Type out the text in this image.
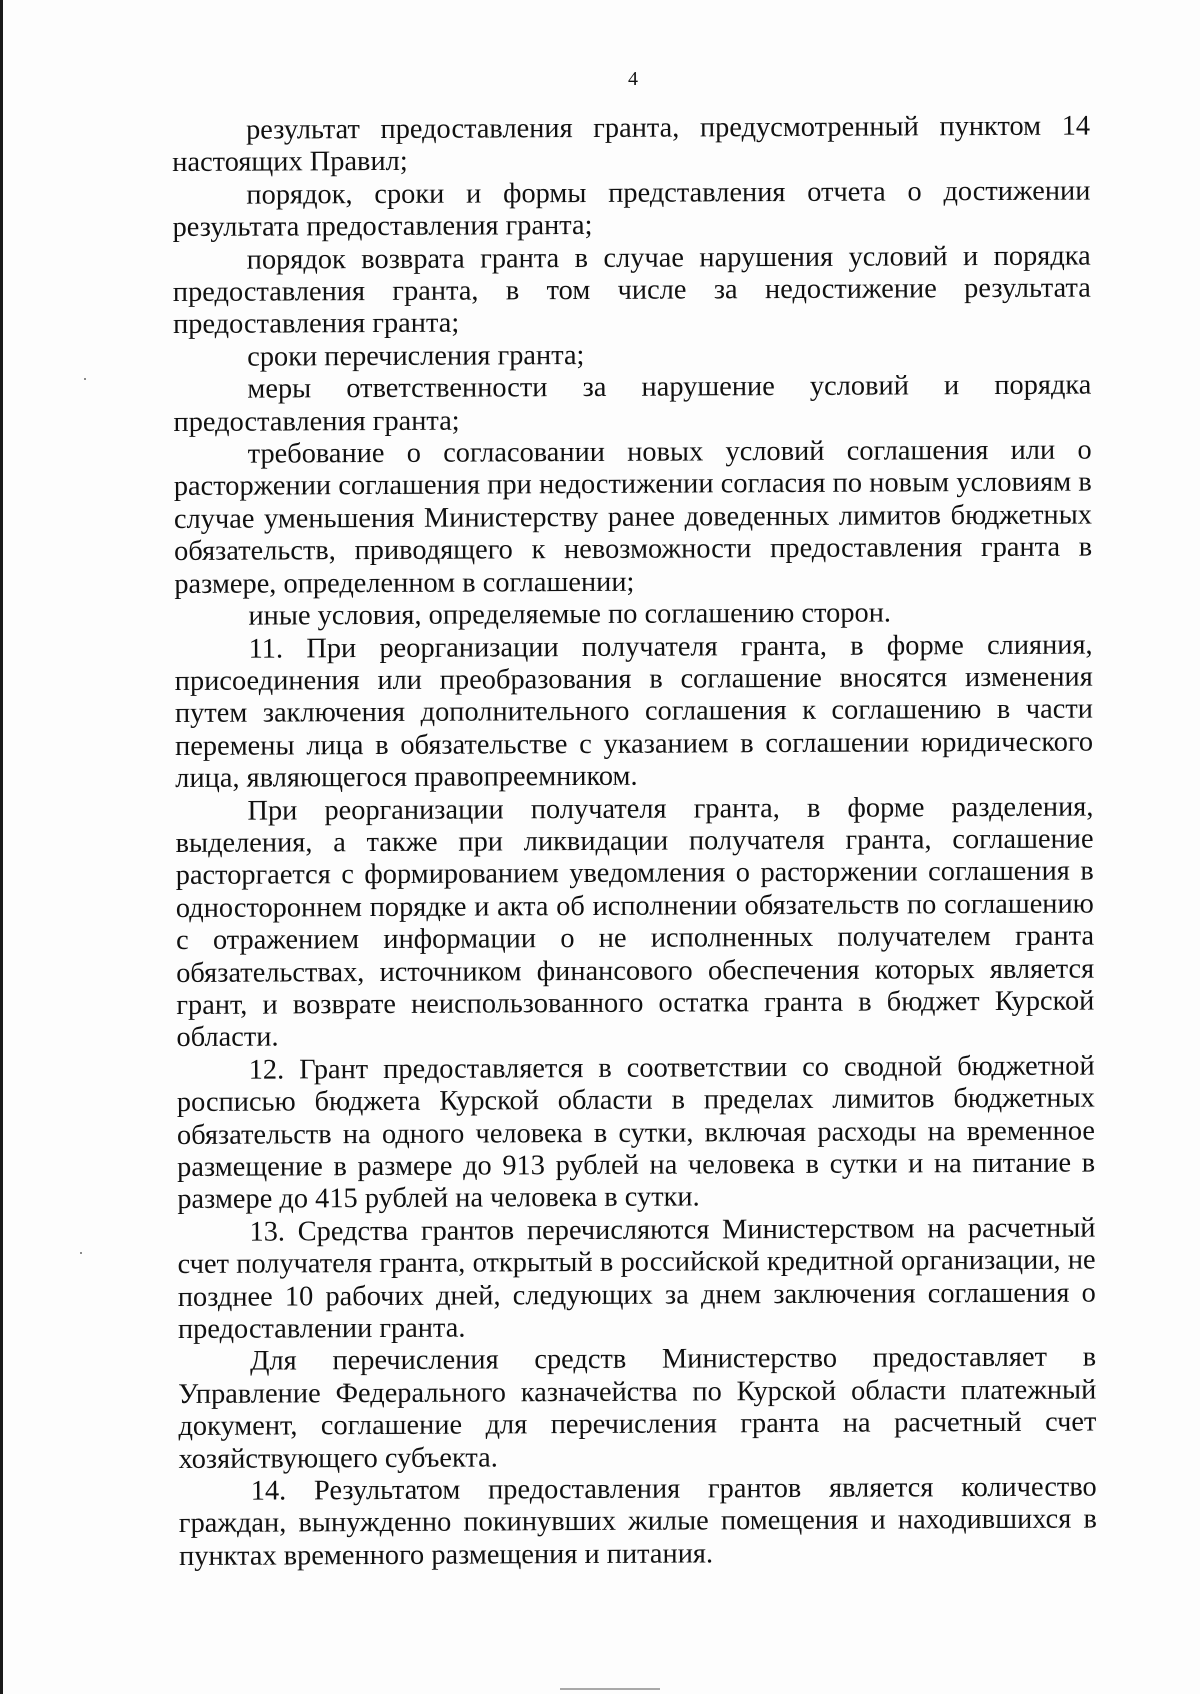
4

результат предоставления гранта, предусмотренный пунктом 14 настоящих Правил;

порядок, сроки и формы представления отчета о достижении результата предоставления гранта;

порядок возврата гранта в случае нарушения условий и порядка предоставления гранта, в том числе за недостижение результата предоставления гранта;

сроки перечисления гранта;

меры ответственности за нарушение условий и порядка предоставления гранта;

требование о согласовании новых условий соглашения или о расторжении соглашения при недостижении согласия по новым условиям в случае уменьшения Министерству ранее доведенных лимитов бюджетных обязательств, приводящего к невозможности предоставления гранта в размере, определенном в соглашении;

иные условия, определяемые по соглашению сторон.

11. При реорганизации получателя гранта, в форме слияния, присоединения или преобразования в соглашение вносятся изменения путем заключения дополнительного соглашения к соглашению в части перемены лица в обязательстве с указанием в соглашении юридического лица, являющегося правопреемником.

При реорганизации получателя гранта, в форме разделения, выделения, а также при ликвидации получателя гранта, соглашение расторгается с формированием уведомления о расторжении соглашения в одностороннем порядке и акта об исполнении обязательств по соглашению с отражением информации о не исполненных получателем гранта обязательствах, источником финансового обеспечения которых является грант, и возврате неиспользованного остатка гранта в бюджет Курской области.

12. Грант предоставляется в соответствии со сводной бюджетной росписью бюджета Курской области в пределах лимитов бюджетных обязательств на одного человека в сутки, включая расходы на временное размещение в размере до 913 рублей на человека в сутки и на питание в размере до 415 рублей на человека в сутки.

13. Средства грантов перечисляются Министерством на расчетный счет получателя гранта, открытый в российской кредитной организации, не позднее 10 рабочих дней, следующих за днем заключения соглашения о предоставлении гранта.

Для перечисления средств Министерство предоставляет в Управление Федерального казначейства по Курской области платежный документ, соглашение для перечисления гранта на расчетный счет хозяйствующего субъекта.

14. Результатом предоставления грантов является количество граждан, вынужденно покинувших жилые помещения и находившихся в пунктах временного размещения и питания.
